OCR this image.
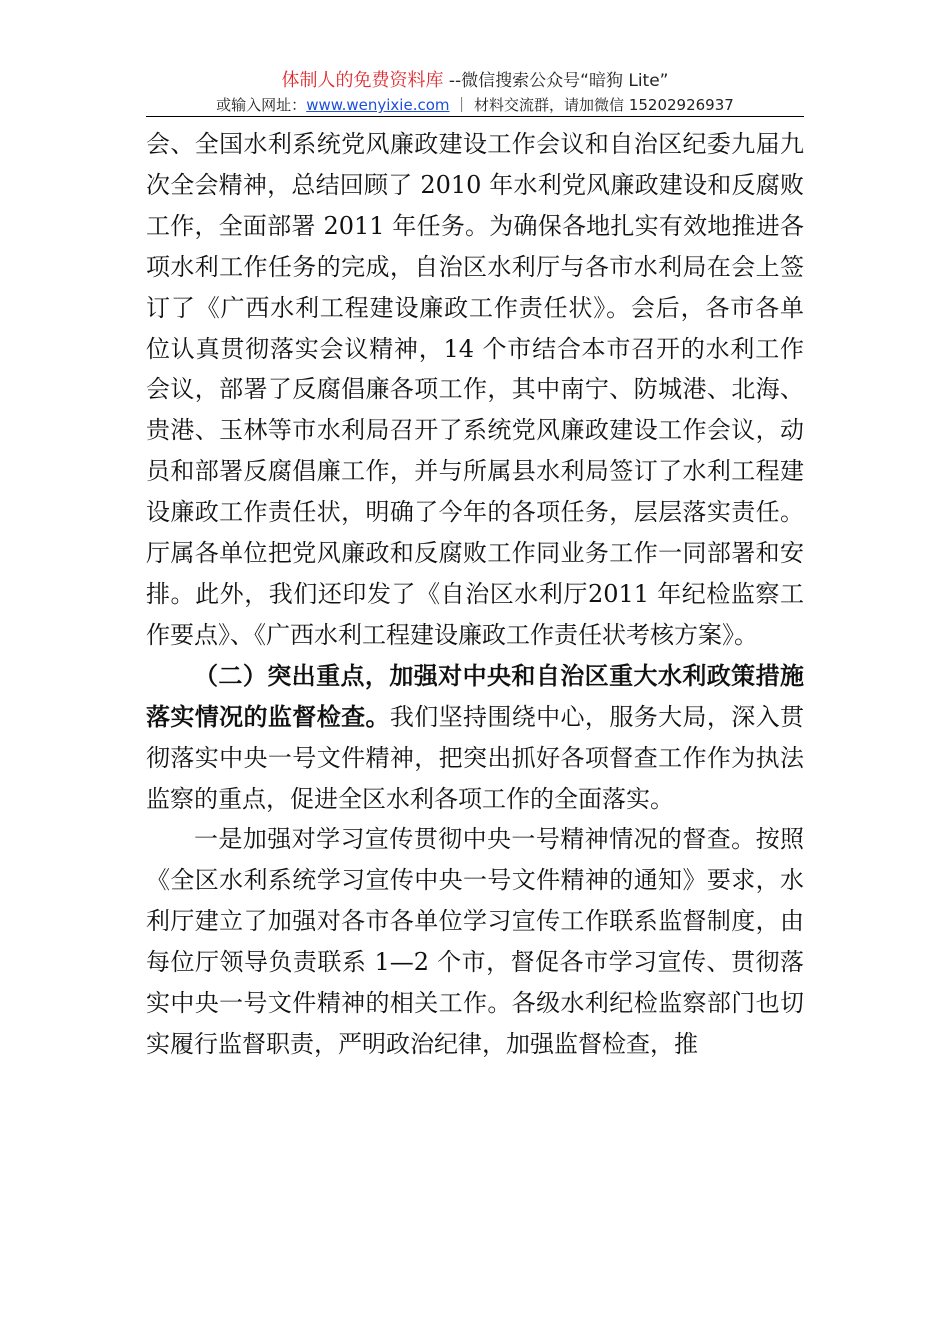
体制人的免费资料库 --微信搜索公众号“暗狗 Lite”
或输入网址：www.wenyixie.com ｜ 材料交流群，请加微信 15202926937

会、全国水利系统党风廉政建设工作会议和自治区纪委九届九次全会精神，总结回顾了 2010 年水利党风廉政建设和反腐败工作，全面部署 2011 年任务。为确保各地扎实有效地推进各项水利工作任务的完成，自治区水利厅与各市水利局在会上签订了《广西水利工程建设廉政工作责任状》。会后，各市各单位认真贯彻落实会议精神，14 个市结合本市召开的水利工作会议，部署了反腐倡廉各项工作，其中南宁、防城港、北海、贵港、玉林等市水利局召开了系统党风廉政建设工作会议，动员和部署反腐倡廉工作，并与所属县水利局签订了水利工程建设廉政工作责任状，明确了今年的各项任务，层层落实责任。厅属各单位把党风廉政和反腐败工作同业务工作一同部署和安排。此外，我们还印发了《自治区水利厅2011 年纪检监察工作要点》、《广西水利工程建设廉政工作责任状考核方案》。

（二）突出重点，加强对中央和自治区重大水利政策措施落实情况的监督检查。我们坚持围绕中心，服务大局，深入贯彻落实中央一号文件精神，把突出抓好各项督查工作作为执法监察的重点，促进全区水利各项工作的全面落实。

一是加强对学习宣传贯彻中央一号精神情况的督查。按照《全区水利系统学习宣传中央一号文件精神的通知》要求，水利厅建立了加强对各市各单位学习宣传工作联系监督制度，由每位厅领导负责联系 1—2 个市，督促各市学习宣传、贯彻落实中央一号文件精神的相关工作。各级水利纪检监察部门也切实履行监督职责，严明政治纪律，加强监督检查，推
